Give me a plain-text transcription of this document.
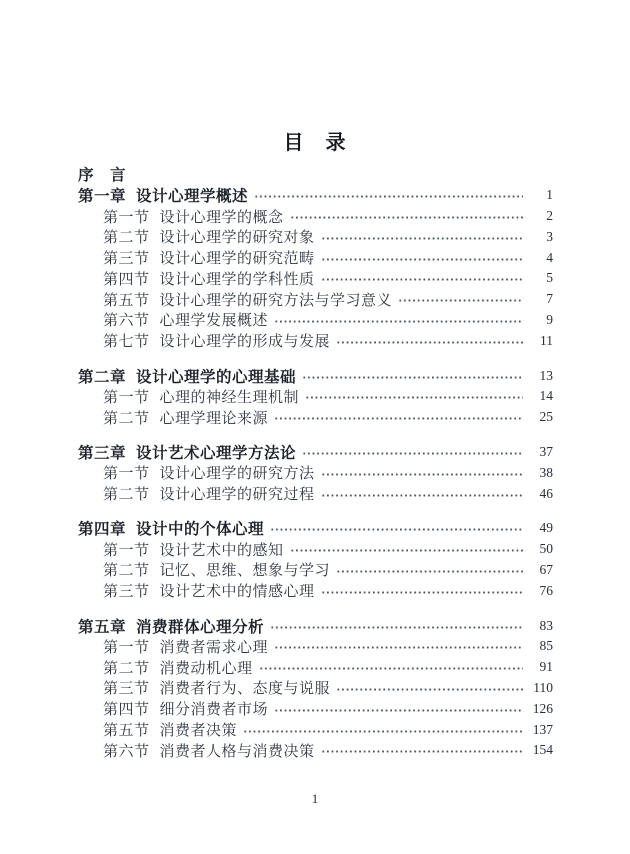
目　录
序　言
第一章 设计心理学概述	1
第一节 设计心理学的概念	2
第二节 设计心理学的研究对象	3
第三节 设计心理学的研究范畴	4
第四节 设计心理学的学科性质	5
第五节 设计心理学的研究方法与学习意义	7
第六节 心理学发展概述	9
第七节 设计心理学的形成与发展	11
第二章 设计心理学的心理基础	13
第一节 心理的神经生理机制	14
第二节 心理学理论来源	25
第三章 设计艺术心理学方法论	37
第一节 设计心理学的研究方法	38
第二节 设计心理学的研究过程	46
第四章 设计中的个体心理	49
第一节 设计艺术中的感知	50
第二节 记忆、思维、想象与学习	67
第三节 设计艺术中的情感心理	76
第五章 消费群体心理分析	83
第一节 消费者需求心理	85
第二节 消费动机心理	91
第三节 消费者行为、态度与说服	110
第四节 细分消费者市场	126
第五节 消费者决策	137
第六节 消费者人格与消费决策	154
1
